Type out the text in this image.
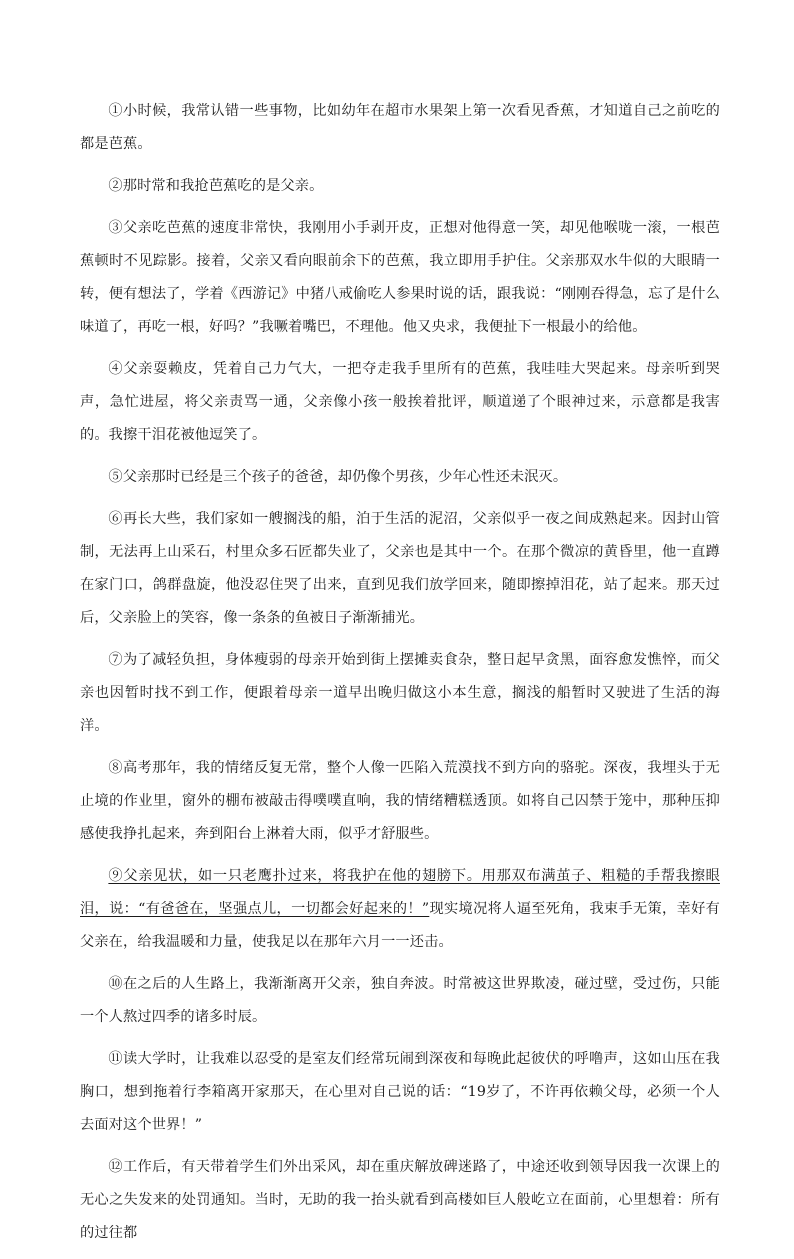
①小时候，我常认错一些事物，比如幼年在超市水果架上第一次看见香蕉，才知道自己之前吃的都是芭蕉。

②那时常和我抢芭蕉吃的是父亲。

③父亲吃芭蕉的速度非常快，我刚用小手剥开皮，正想对他得意一笑，却见他喉咙一滚，一根芭蕉顿时不见踪影。接着，父亲又看向眼前余下的芭蕉，我立即用手护住。父亲那双水牛似的大眼睛一转，便有想法了，学着《西游记》中猪八戒偷吃人参果时说的话，跟我说：“刚刚吞得急，忘了是什么味道了，再吃一根，好吗？”我噘着嘴巴，不理他。他又央求，我便扯下一根最小的给他。

④父亲耍赖皮，凭着自己力气大，一把夺走我手里所有的芭蕉，我哇哇大哭起来。母亲听到哭声，急忙进屋，将父亲责骂一通，父亲像小孩一般挨着批评，顺道递了个眼神过来，示意都是我害的。我擦干泪花被他逗笑了。

⑤父亲那时已经是三个孩子的爸爸，却仍像个男孩，少年心性还未泯灭。

⑥再长大些，我们家如一艘搁浅的船，泊于生活的泥沼，父亲似乎一夜之间成熟起来。因封山管制，无法再上山采石，村里众多石匠都失业了，父亲也是其中一个。在那个微凉的黄昏里，他一直蹲在家门口，鸽群盘旋，他没忍住哭了出来，直到见我们放学回来，随即擦掉泪花，站了起来。那天过后，父亲脸上的笑容，像一条条的鱼被日子渐渐捕光。

⑦为了减轻负担，身体瘦弱的母亲开始到街上摆摊卖食杂，整日起早贪黑，面容愈发憔悴，而父亲也因暂时找不到工作，便跟着母亲一道早出晚归做这小本生意，搁浅的船暂时又驶进了生活的海洋。

⑧高考那年，我的情绪反复无常，整个人像一匹陷入荒漠找不到方向的骆驼。深夜，我埋头于无止境的作业里，窗外的棚布被敲击得噗噗直响，我的情绪糟糕透顶。如将自己囚禁于笼中，那种压抑感使我挣扎起来，奔到阳台上淋着大雨，似乎才舒服些。

⑨父亲见状，如一只老鹰扑过来，将我护在他的翅膀下。用那双布满茧子、粗糙的手帮我擦眼泪，说：“有爸爸在，坚强点儿，一切都会好起来的！”现实境况将人逼至死角，我束手无策，幸好有父亲在，给我温暖和力量，使我足以在那年六月一一还击。

⑩在之后的人生路上，我渐渐离开父亲，独自奔波。时常被这世界欺凌，碰过壁，受过伤，只能一个人熬过四季的诸多时辰。

⑪读大学时，让我难以忍受的是室友们经常玩闹到深夜和每晚此起彼伏的呼噜声，这如山压在我胸口，想到拖着行李箱离开家那天，在心里对自己说的话：“19岁了，不许再依赖父母，必须一个人去面对这个世界！”

⑫工作后，有天带着学生们外出采风，却在重庆解放碑迷路了，中途还收到领导因我一次课上的无心之失发来的处罚通知。当时，无助的我一抬头就看到高楼如巨人般屹立在面前，心里想着：所有的过往都
